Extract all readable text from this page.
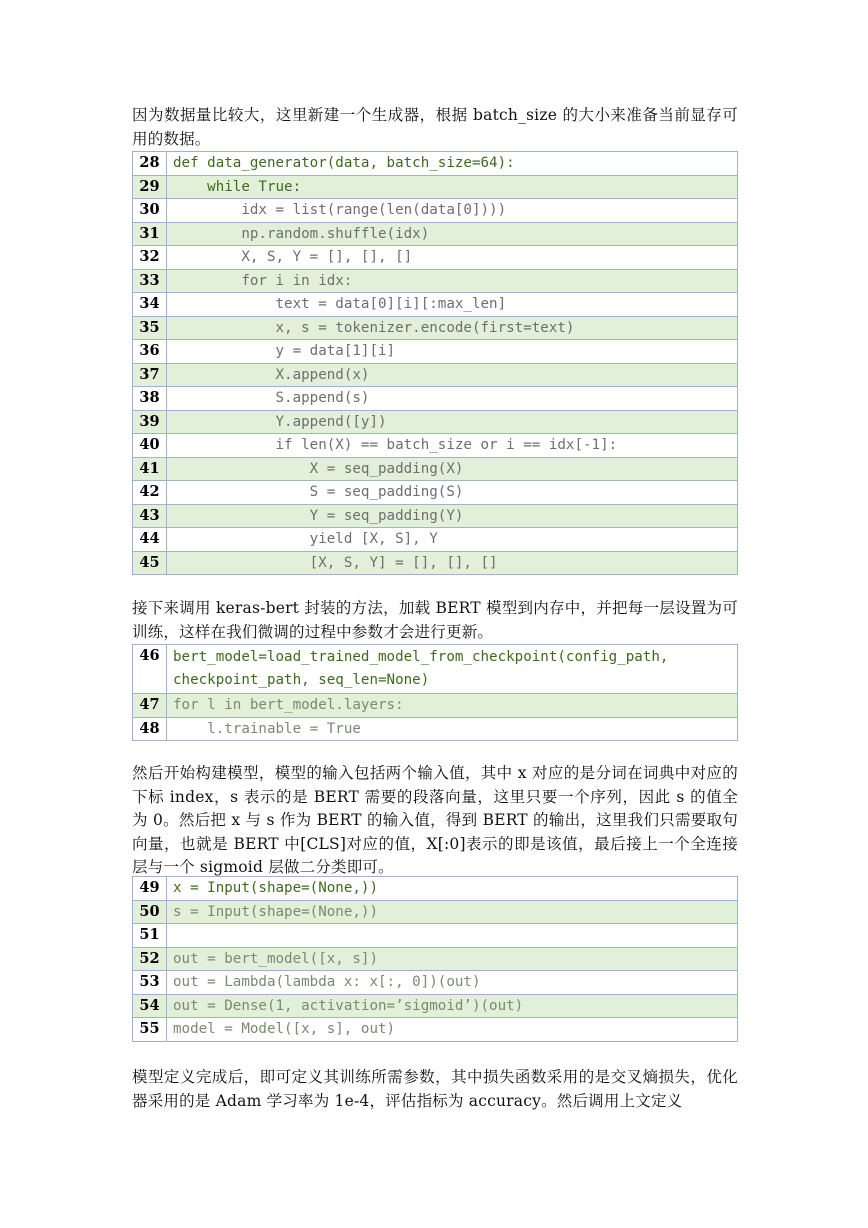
因为数据量比较大，这里新建一个生成器，根据 batch_size 的大小来准备当前显存可用的数据。
28	def data_generator(data, batch_size=64):
29	while True:
30	idx = list(range(len(data[0])))
31	np.random.shuffle(idx)
32	X, S, Y = [], [], []
33	for i in idx:
34	text = data[0][i][:max_len]
35	x, s = tokenizer.encode(first=text)
36	y = data[1][i]
37	X.append(x)
38	S.append(s)
39	Y.append([y])
40	if len(X) == batch_size or i == idx[-1]:
41	X = seq_padding(X)
42	S = seq_padding(S)
43	Y = seq_padding(Y)
44	yield [X, S], Y
45	[X, S, Y] = [], [], []
接下来调用 keras-bert 封装的方法，加载 BERT 模型到内存中，并把每一层设置为可训练，这样在我们微调的过程中参数才会进行更新。
46	bert_model=load_trained_model_from_checkpoint(config_path, checkpoint_path, seq_len=None)
47	for l in bert_model.layers:
48	l.trainable = True
然后开始构建模型，模型的输入包括两个输入值，其中 x 对应的是分词在词典中对应的下标 index，s 表示的是 BERT 需要的段落向量，这里只要一个序列，因此 s 的值全为 0。然后把 x 与 s 作为 BERT 的输入值，得到 BERT 的输出，这里我们只需要取句向量，也就是 BERT 中[CLS]对应的值，X[:0]表示的即是该值，最后接上一个全连接层与一个 sigmoid 层做二分类即可。
49	x = Input(shape=(None,))
50	s = Input(shape=(None,))
51	
52	out = bert_model([x, s])
53	out = Lambda(lambda x: x[:, 0])(out)
54	out = Dense(1, activation=’sigmoid’)(out)
55	model = Model([x, s], out)
模型定义完成后，即可定义其训练所需参数，其中损失函数采用的是交叉熵损失，优化器采用的是 Adam 学习率为 1e-4，评估指标为 accuracy。然后调用上文定义
